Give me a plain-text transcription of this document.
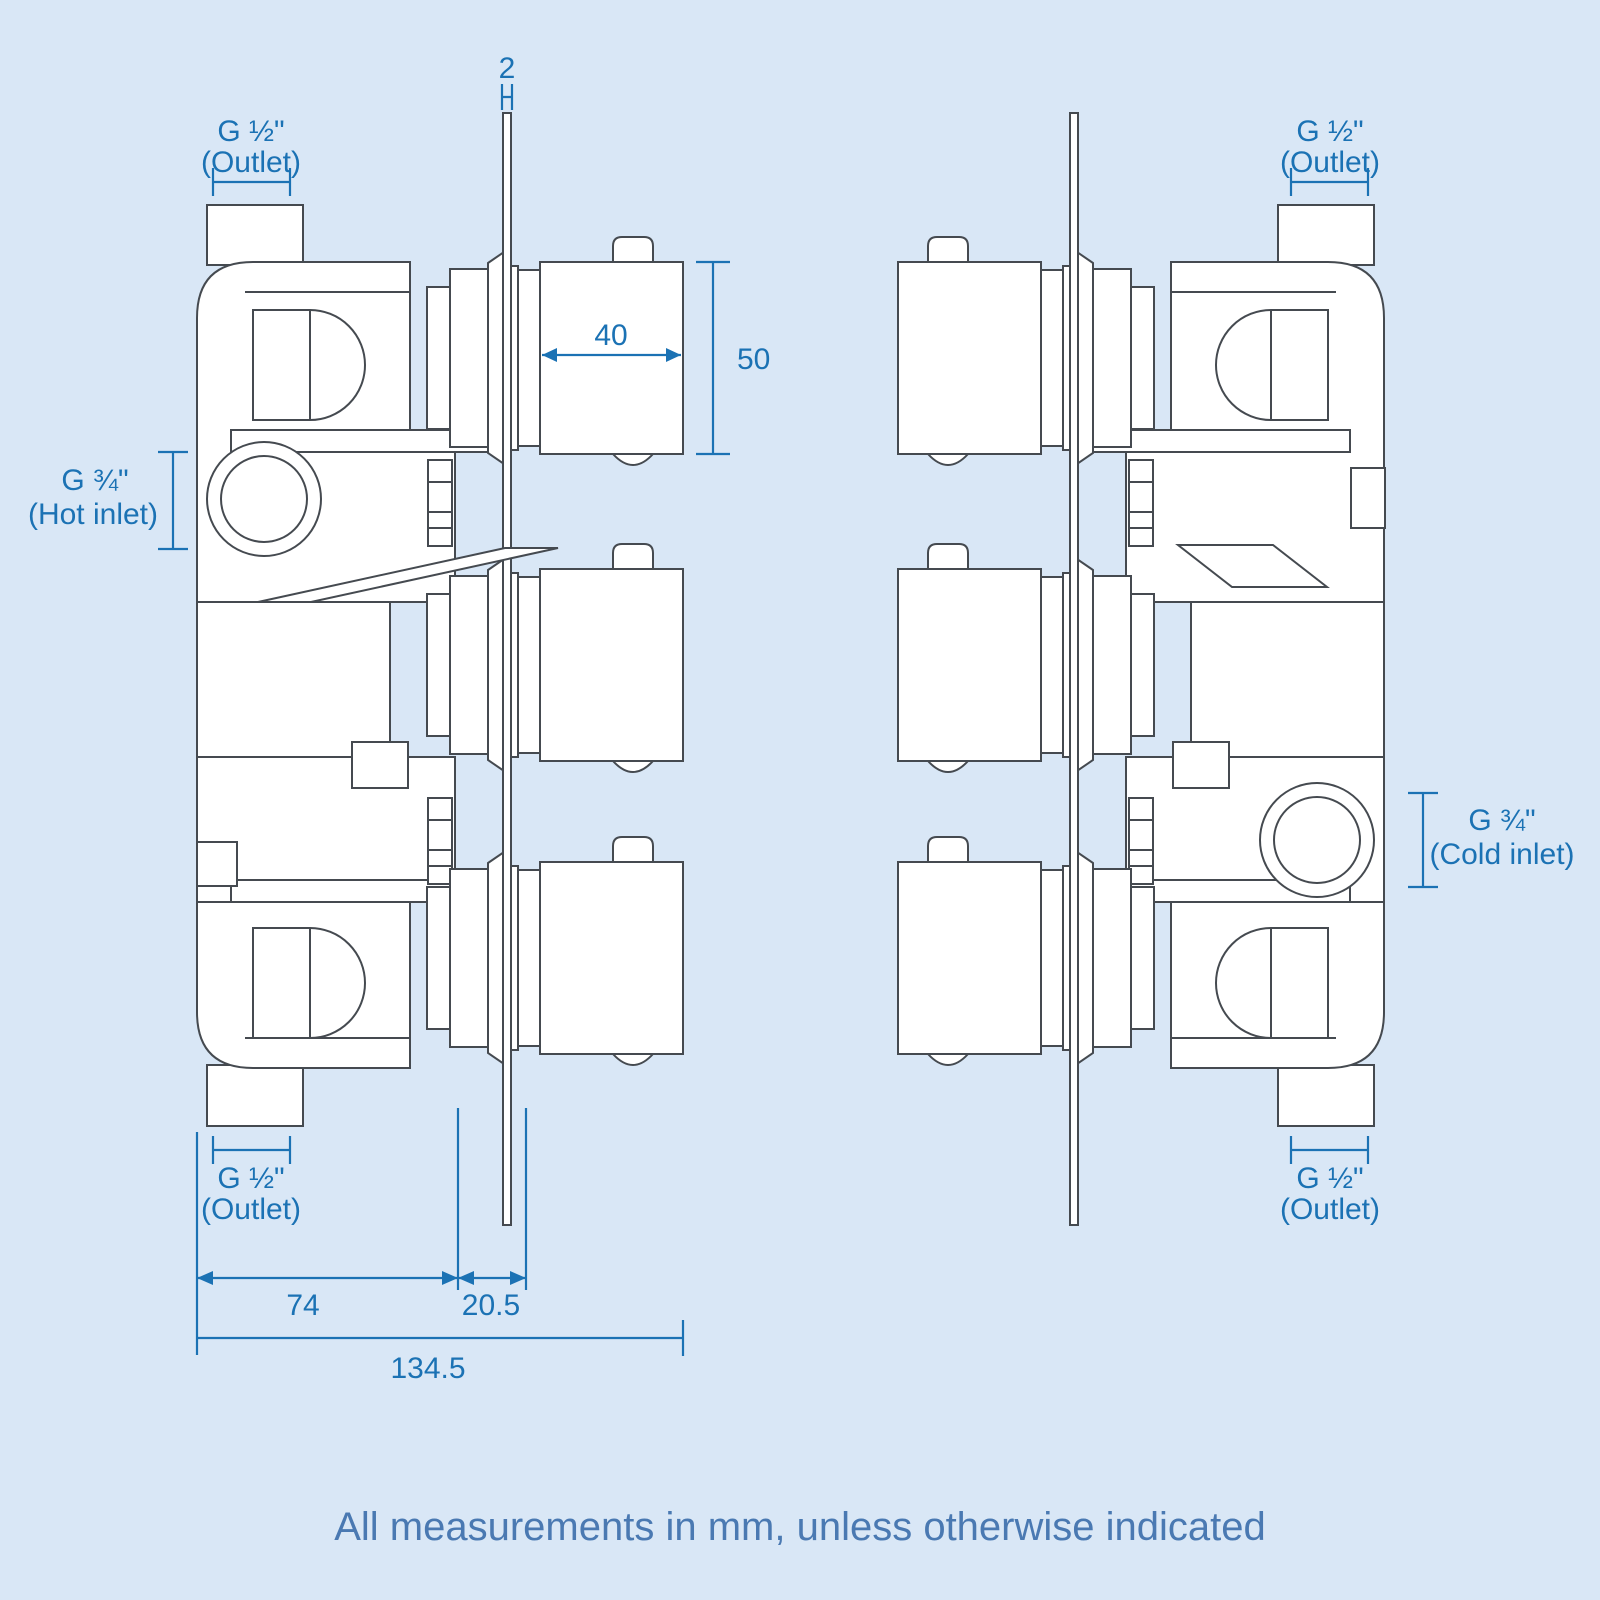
G ½"
(Outlet)
2
G ¾"
(Hot inlet)
40
50
G ½"
(Outlet)
74	20.5
134.5
G ½"
(Outlet)
G ¾"
(Cold inlet)
G ½"
(Outlet)
All measurements in mm, unless otherwise indicated
